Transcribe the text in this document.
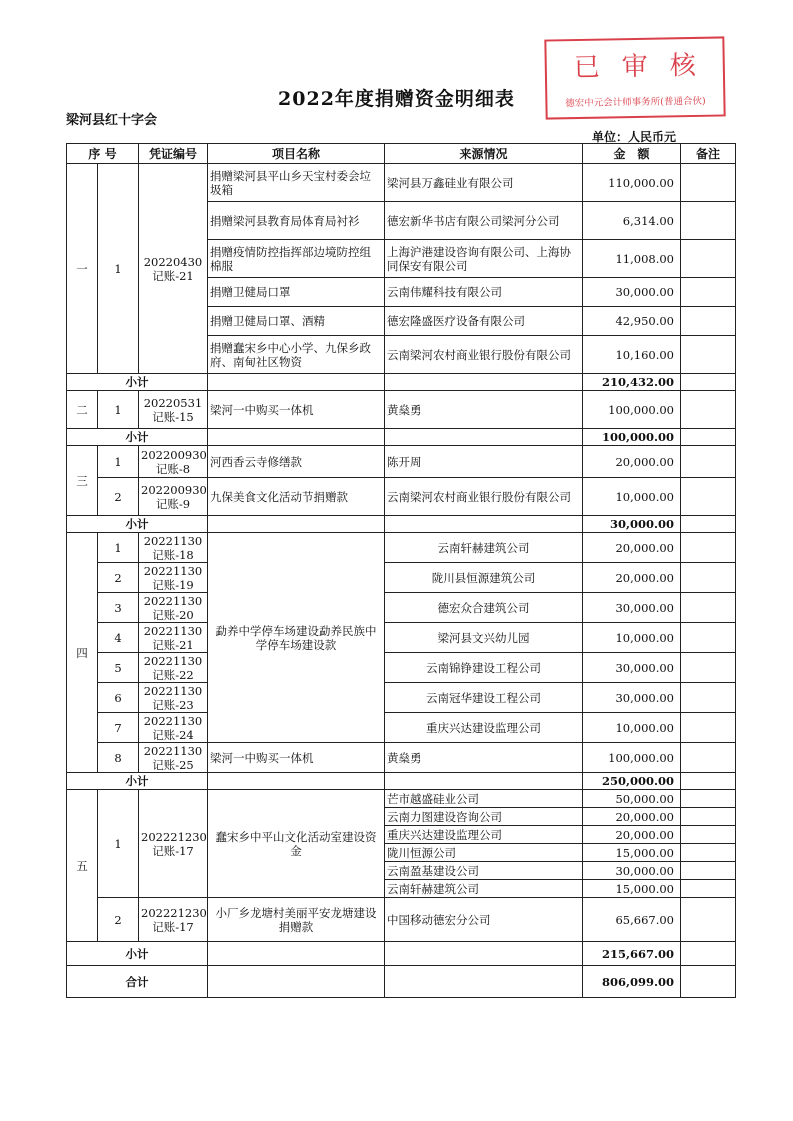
已审核
德宏中元会计师事务所(普通合伙)
2022年度捐赠资金明细表
梁河县红十字会
单位：人民币元
序 号		凭证编号	项目名称	来源情况	金　额	备注
一	1	20220430 记账-21	捐赠梁河县平山乡天宝村委会垃圾箱	梁河县万鑫硅业有限公司	110,000.00	
			捐赠梁河县教育局体育局衬衫	德宏新华书店有限公司梁河分公司	6,314.00	
			捐赠疫情防控指挥部边境防控组棉服	上海沪港建设咨询有限公司、上海协同保安有限公司	11,008.00	
			捐赠卫健局口罩	云南伟耀科技有限公司	30,000.00	
			捐赠卫健局口罩、酒精	德宏隆盛医疗设备有限公司	42,950.00	
			捐赠蠢宋乡中心小学、九保乡政府、南甸社区物资	云南梁河农村商业银行股份有限公司	10,160.00	
小计					210,432.00	
二	1	20220531 记账-15	梁河一中购买一体机	黄燊勇	100,000.00	
小计					100,000.00	
三	1	202200930 记账-8	河西香云寺修缮款	陈开周	20,000.00	
	2	202200930 记账-9	九保美食文化活动节捐赠款	云南梁河农村商业银行股份有限公司	10,000.00	
小计					30,000.00	
四	1	20221130 记账-18	勐养中学停车场建设勐养民族中学停车场建设款	云南轩赫建筑公司	20,000.00	
	2	20221130 记账-19		陇川县恒源建筑公司	20,000.00	
	3	20221130 记账-20		德宏众合建筑公司	30,000.00	
	4	20221130 记账-21		梁河县文兴幼儿园	10,000.00	
	5	20221130 记账-22		云南锦铮建设工程公司	30,000.00	
	6	20221130 记账-23		云南冠华建设工程公司	30,000.00	
	7	20221130 记账-24		重庆兴达建设监理公司	10,000.00	
	8	20221130 记账-25	梁河一中购买一体机	黄燊勇	100,000.00	
小计					250,000.00	
五	1	202221230 记账-17	蠢宋乡中平山文化活动室建设资金	芒市越盛硅业公司	50,000.00	
				云南力图建设咨询公司	20,000.00	
				重庆兴达建设监理公司	20,000.00	
				陇川恒源公司	15,000.00	
				云南盈基建设公司	30,000.00	
				云南轩赫建筑公司	15,000.00	
	2	202221230 记账-17	小厂乡龙塘村美丽平安龙塘建设捐赠款	中国移动德宏分公司	65,667.00	
小计					215,667.00	
合计					806,099.00	
